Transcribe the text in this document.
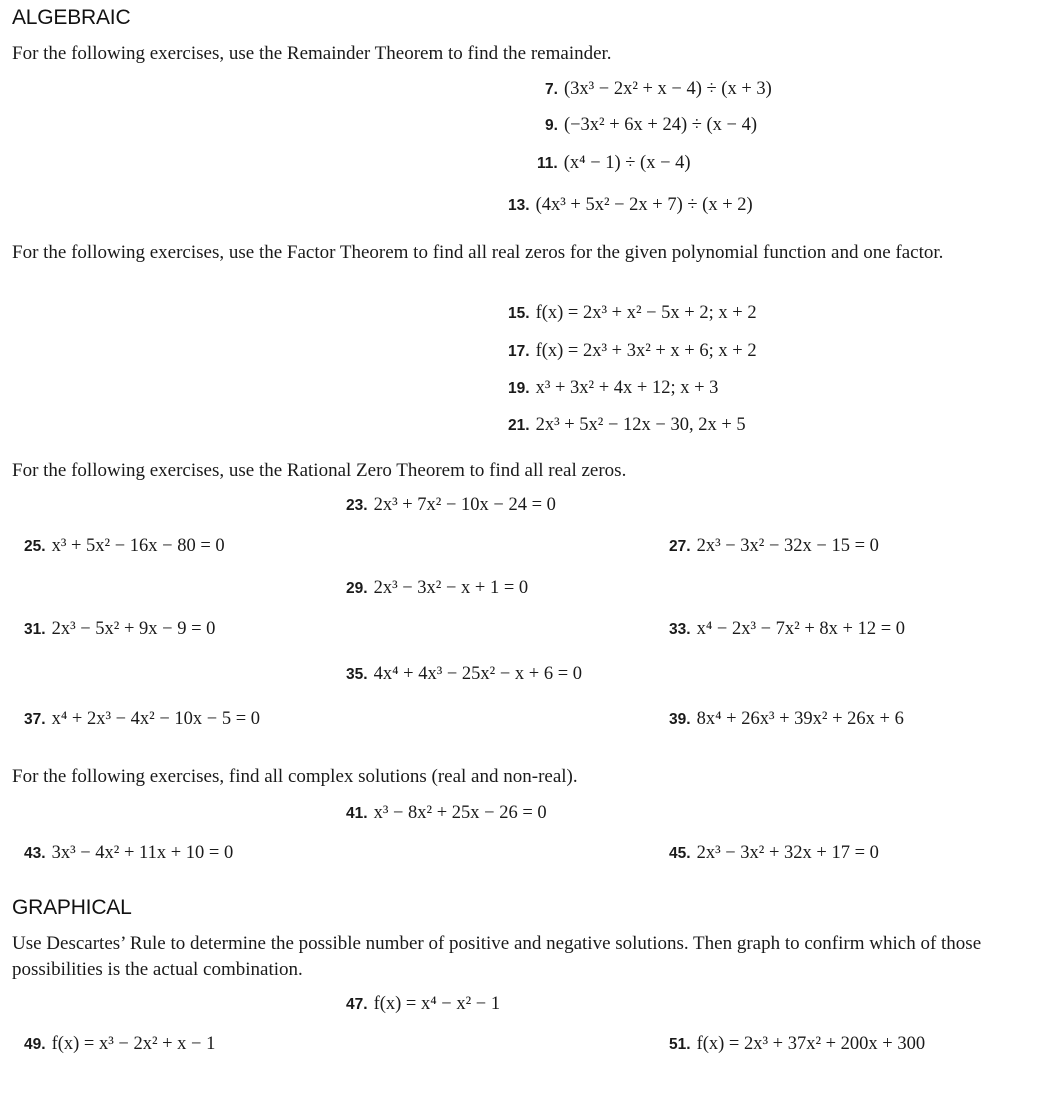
ALGEBRAIC
For the following exercises, use the Remainder Theorem to find the remainder.
7. (3x³ − 2x² + x − 4) ÷ (x + 3)
9. (−3x² + 6x + 24) ÷ (x − 4)
11. (x⁴ − 1) ÷ (x − 4)
13. (4x³ + 5x² − 2x + 7) ÷ (x + 2)
For the following exercises, use the Factor Theorem to find all real zeros for the given polynomial function and one factor.
15. f(x) = 2x³ + x² − 5x + 2; x + 2
17. f(x) = 2x³ + 3x² + x + 6; x + 2
19. x³ + 3x² + 4x + 12; x + 3
21. 2x³ + 5x² − 12x − 30, 2x + 5
For the following exercises, use the Rational Zero Theorem to find all real zeros.
23. 2x³ + 7x² − 10x − 24 = 0
25. x³ + 5x² − 16x − 80 = 0	27. 2x³ − 3x² − 32x − 15 = 0
29. 2x³ − 3x² − x + 1 = 0
31. 2x³ − 5x² + 9x − 9 = 0	33. x⁴ − 2x³ − 7x² + 8x + 12 = 0
35. 4x⁴ + 4x³ − 25x² − x + 6 = 0
37. x⁴ + 2x³ − 4x² − 10x − 5 = 0	39. 8x⁴ + 26x³ + 39x² + 26x + 6
For the following exercises, find all complex solutions (real and non-real).
41. x³ − 8x² + 25x − 26 = 0
43. 3x³ − 4x² + 11x + 10 = 0	45. 2x³ − 3x² + 32x + 17 = 0
GRAPHICAL
Use Descartes’ Rule to determine the possible number of positive and negative solutions. Then graph to confirm which of those possibilities is the actual combination.
47. f(x) = x⁴ − x² − 1
49. f(x) = x³ − 2x² + x − 1	51. f(x) = 2x³ + 37x² + 200x + 300
